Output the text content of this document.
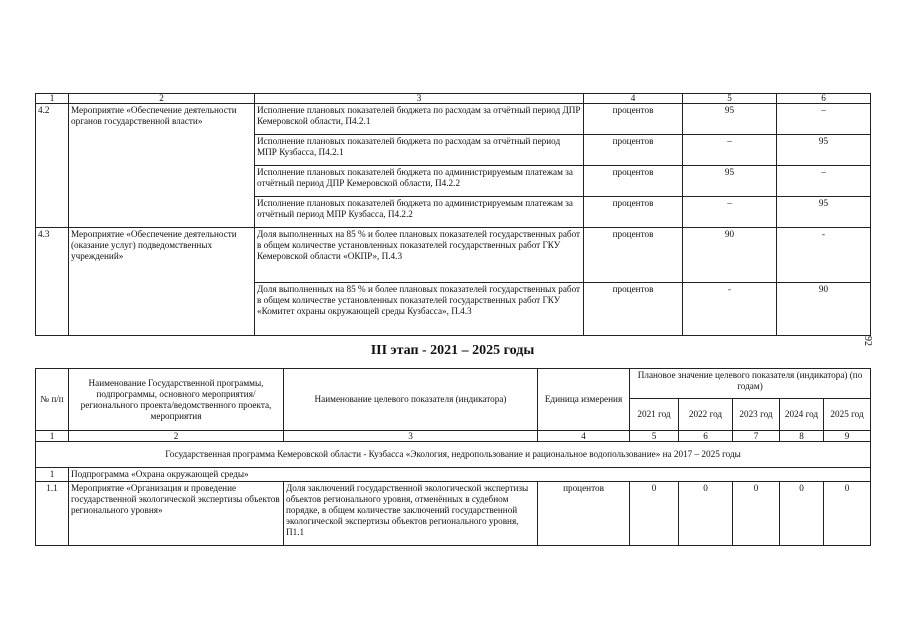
1	2	3	4	5	6
4.2	Мероприятие «Обеспечение деятельности органов государственной власти»	Исполнение плановых показателей бюджета по расходам за отчётный период ДПР Кемеровской области, П4.2.1	процентов	95	–
		Исполнение плановых показателей бюджета по расходам за отчётный период МПР Кузбасса, П4.2.1	процентов	–	95
		Исполнение плановых показателей бюджета по администрируемым платежам за отчётный период ДПР Кемеровской области, П4.2.2	процентов	95	–
		Исполнение плановых показателей бюджета по администрируемым платежам за отчётный период МПР Кузбасса, П4.2.2	процентов	–	95
4.3	Мероприятие «Обеспечение деятельности (оказание услуг) подведомственных учреждений»	Доля выполненных на 85 % и более плановых показателей государственных работ в общем количестве установленных показателей государственных работ ГКУ Кемеровской области «ОКПР», П.4.3	процентов	90	-
		Доля выполненных на 85 % и более плановых показателей государственных работ в общем количестве установленных показателей государственных работ ГКУ «Комитет охраны окружающей среды Кузбасса», П.4.3	процентов	-	90
92
III этап - 2021 – 2025 годы
№ п/п	Наименование Государственной программы, подпрограммы, основного мероприятия/регионального проекта/ведомственного проекта, мероприятия	Наименование целевого показателя (индикатора)	Единица измерения	Плановое значение целевого показателя (индикатора) (по годам)				
				2021 год	2022 год	2023 год	2024 год	2025 год
1	2	3	4	5	6	7	8	9
Государственная программа Кемеровской области - Кузбасса «Экология, недропользование и рациональное водопользование» на 2017 – 2025 годы								
1	Подпрограмма «Охрана окружающей среды»							
1.1	Мероприятие «Организация и проведение государственной экологической экспертизы объектов регионального уровня»	Доля заключений государственной экологической экспертизы объектов регионального уровня, отменённых в судебном порядке, в общем количестве заключений государственной экологической экспертизы объектов регионального уровня, П1.1	процентов	0	0	0	0	0
